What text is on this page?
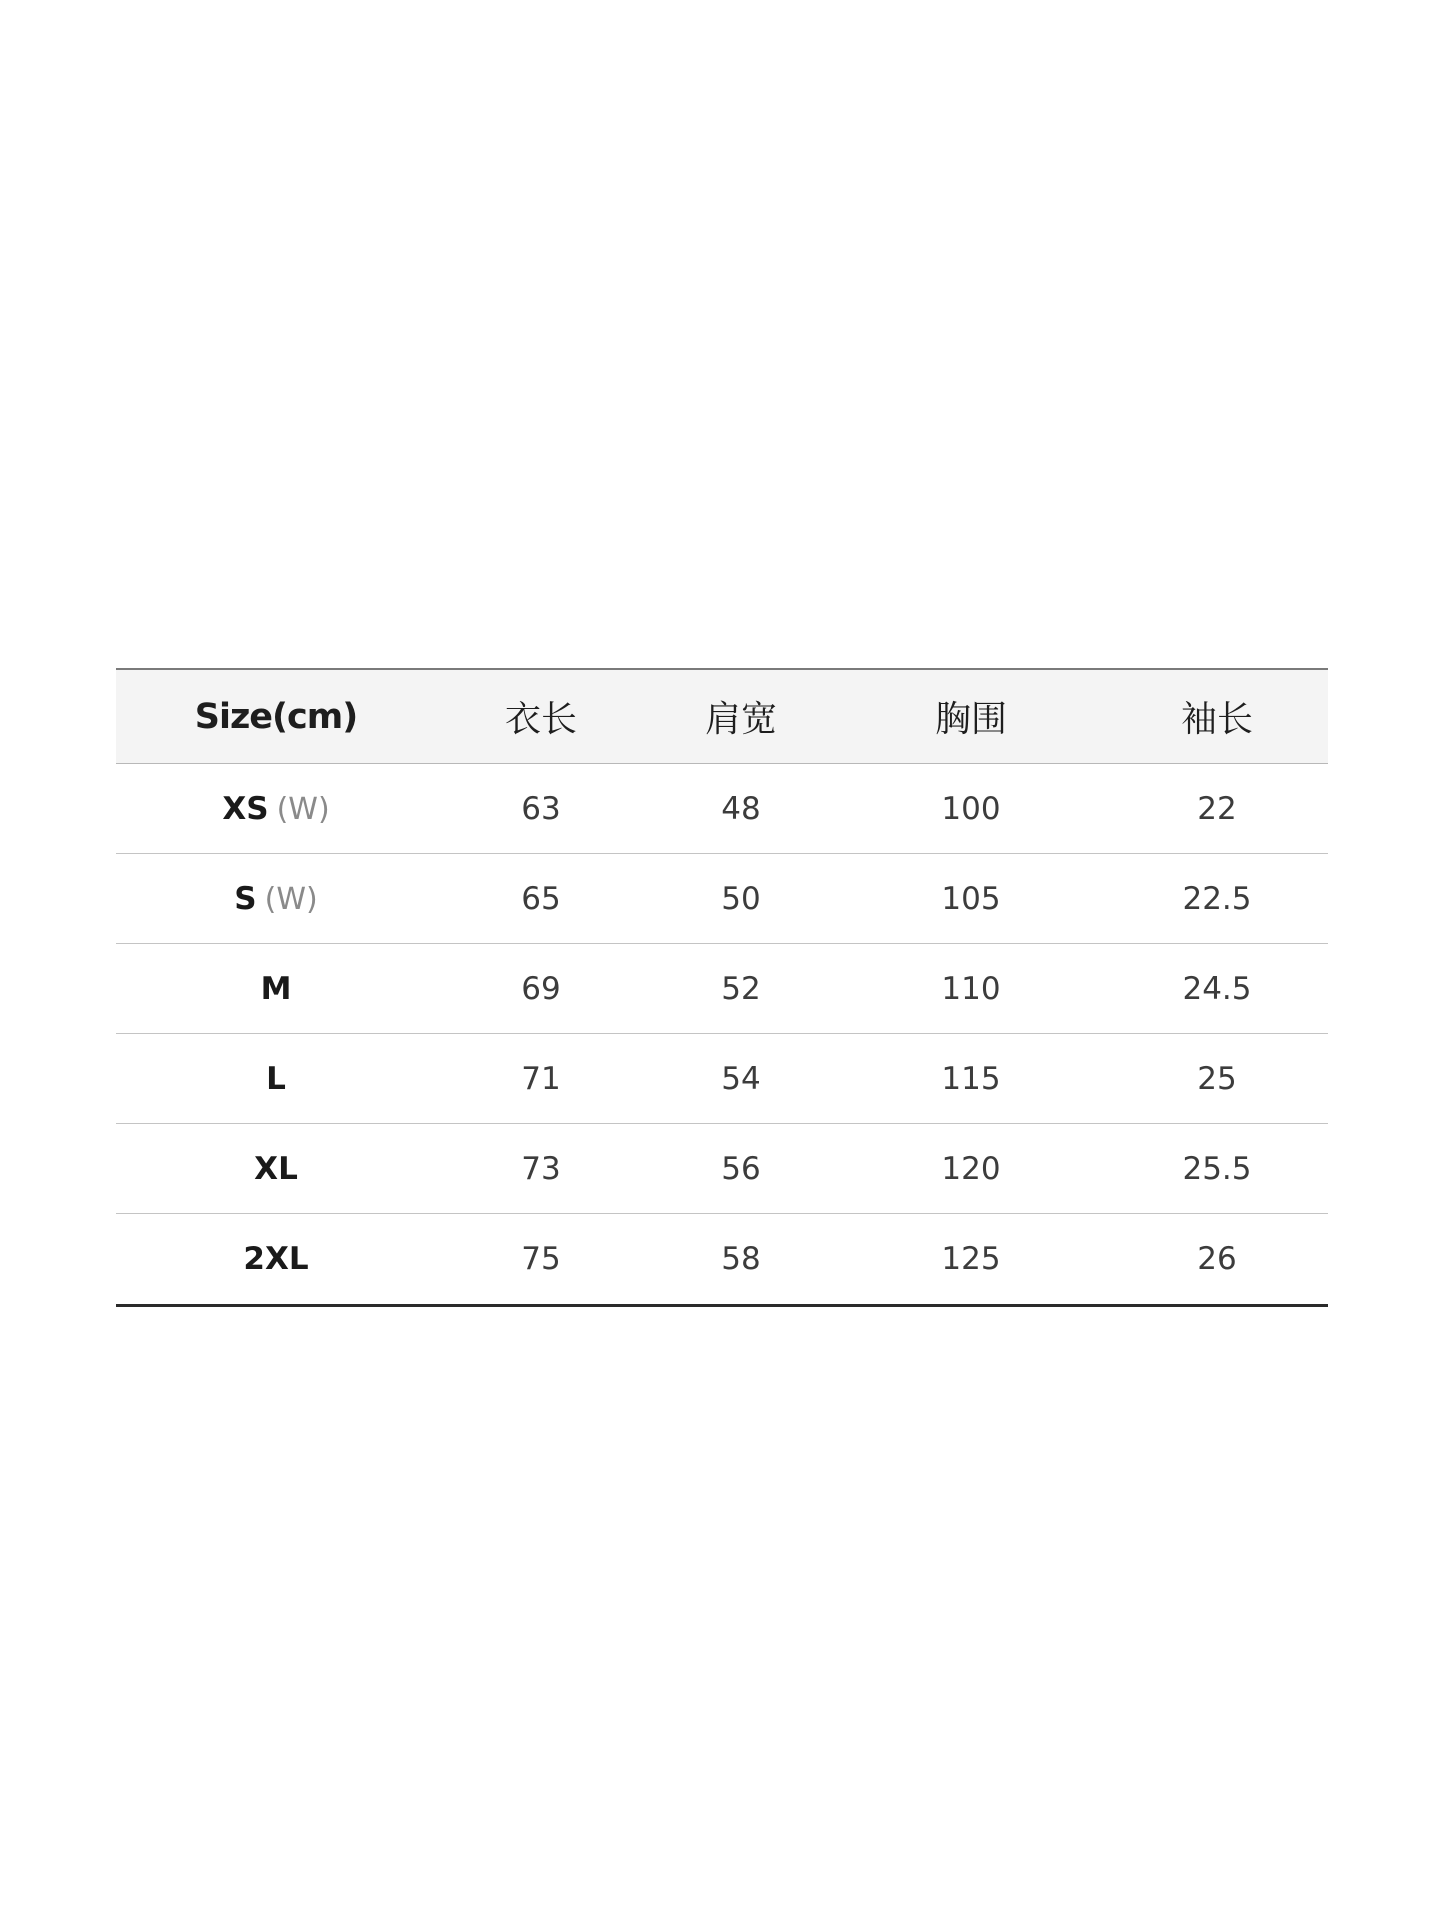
Size(cm)	衣长	肩宽	胸围	袖长
XS (W)	63	48	100	22
S (W)	65	50	105	22.5
M	69	52	110	24.5
L	71	54	115	25
XL	73	56	120	25.5
2XL	75	58	125	26
